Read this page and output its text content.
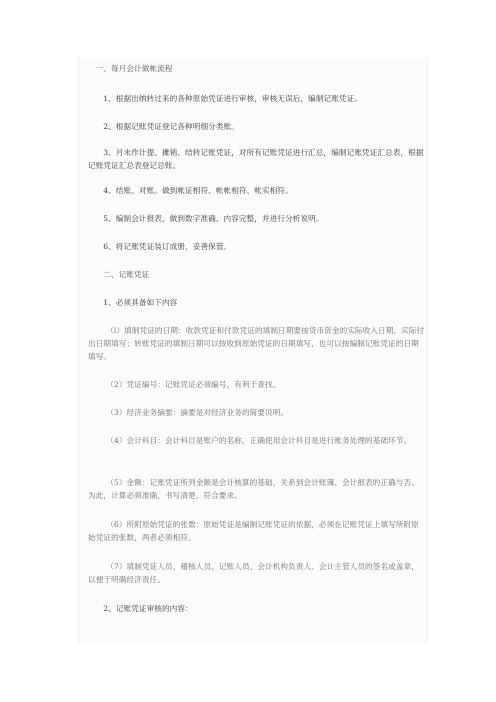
一、每月会计做帐流程

1、根据出纳转过来的各种原始凭证进行审核，审核无误后，编制记账凭证。

2、根据记账凭证登记各种明细分类账。

3、月末作计提、摊销、结转记账凭证，对所有记账凭证进行汇总，编制记账凭证汇总表，根据记账凭证汇总表登记总账。

4、结账、对账。做到帐证相符、帐帐相符、帐实相符。

5、编制会计报表，做到数字准确、内容完整，并进行分析说明。

6、将记账凭证装订成册，妥善保管。

二、记账凭证

1、必须具备如下内容

（l）填制凭证的日期：收款凭证和付款凭证的填制日期要按货币资金的实际收入日期、实际付出日期填写；转账凭证的填制日期可以按收到原始凭证的日期填写，也可以按编制记账凭证的日期填写。

（2）凭证编号：记账凭证必须编号，有利于查找。

（3）经济业务摘要：摘要是对经济业务的简要说明。

（4）会计科目：会计科目是账户的名称，正确使用会计科目是进行账务处理的基础环节。

（5）金额：记账凭证所列金额是会计核算的基础，关系到会计账簿、会计报表的正确与否。为此，计算必须准确，书写清楚、符合要求。

（6）所附原始凭证的张数：原始凭证是编制记账凭证的依据，必须在记账凭证上填写所附原始凭证的张数，两者必须相符。

（7）填制凭证人员、稽核人员、记账人员、会计机构负责人、会计主管人员的签名或盖章，以便于明确经济责任。

2、记账凭证审核的内容：
